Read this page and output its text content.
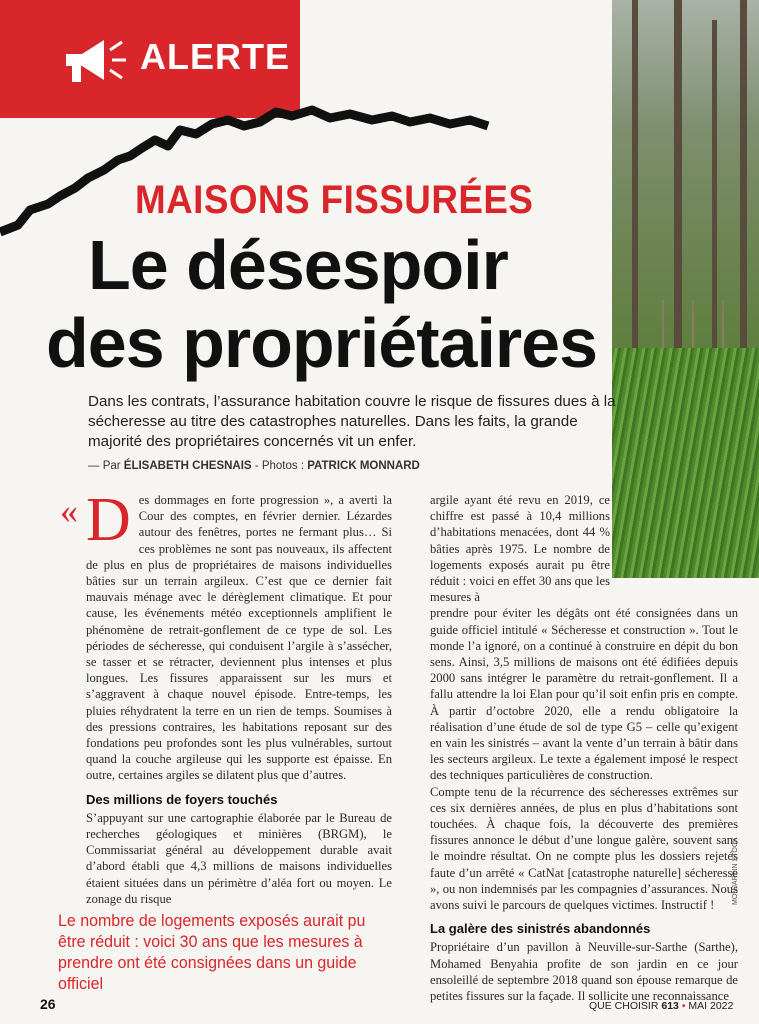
ALERTE
MAISONS FISSURÉES
Le désespoir
des propriétaires
Dans les contrats, l’assurance habitation couvre le risque de fissures dues à la sécheresse au titre des catastrophes naturelles. Dans les faits, la grande majorité des propriétaires concernés vit un enfer.
— Par ÉLISABETH CHESNAIS - Photos : PATRICK MONNARD
« D es dommages en forte progression », a averti la Cour des comptes, en février dernier. Lézardes autour des fenêtres, portes ne fermant plus… Si ces problèmes ne sont pas nouveaux, ils affectent de plus en plus de propriétaires de maisons individuelles bâties sur un terrain argileux. C’est que ce dernier fait mauvais ménage avec le dérèglement climatique. Et pour cause, les événements météo exceptionnels amplifient le phénomène de retrait-gonflement de ce type de sol. Les périodes de sécheresse, qui conduisent l’argile à s’assécher, se tasser et se rétracter, deviennent plus intenses et plus longues. Les fissures apparaissent sur les murs et s’aggravent à chaque nouvel épisode. Entre-temps, les pluies réhydratent la terre en un rien de temps. Soumises à des pressions contraires, les habitations reposant sur des fondations peu profondes sont les plus vulnérables, surtout quand la couche argileuse qui les supporte est épaisse. En outre, certaines argiles se dilatent plus que d’autres.

Des millions de foyers touchés

S’appuyant sur une cartographie élaborée par le Bureau de recherches géologiques et minières (BRGM), le Commissariat général au développement durable avait d’abord établi que 4,3 millions de maisons individuelles étaient situées dans un périmètre d’aléa fort ou moyen. Le zonage du risque

argile ayant été revu en 2019, ce chiffre est passé à 10,4 millions d’habitations menacées, dont 44 % bâties après 1975. Le nombre de logements exposés aurait pu être réduit : voici en effet 30 ans que les mesures à

prendre pour éviter les dégâts ont été consignées dans un guide officiel intitulé « Sécheresse et construction ». Tout le monde l’a ignoré, on a continué à construire en dépit du bon sens. Ainsi, 3,5 millions de maisons ont été édifiées depuis 2000 sans intégrer le paramètre du retrait-gonflement. Il a fallu attendre la loi Elan pour qu’il soit enfin pris en compte. À partir d’octobre 2020, elle a rendu obligatoire la réalisation d’une étude de sol de type G5 – celle qu’exigent en vain les sinistrés – avant la vente d’un terrain à bâtir dans les secteurs argileux. Le texte a également imposé le respect des techniques particulières de construction.

Compte tenu de la récurrence des sécheresses extrêmes sur ces six dernières années, de plus en plus d’habitations sont touchées. À chaque fois, la découverte des premières fissures annonce le début d’une longue galère, souvent sans le moindre résultat. On ne compte plus les dossiers rejetés faute d’un arrêté « CatNat [catastrophe naturelle] sécheresse », ou non indemnisés par les compagnies d’assurances. Nous avons suivi le parcours de quelques victimes. Instructif !

La galère des sinistrés abandonnés

Propriétaire d’un pavillon à Neuville-sur-Sarthe (Sarthe), Mohamed Benyahia profite de son jardin en ce jour ensoleillé de septembre 2018 quand son épouse remarque de petites fissures sur la façade. Il sollicite une reconnaissance

Le nombre de logements exposés aurait pu être réduit : voici 30 ans que les mesures à prendre ont été consignées dans un guide officiel
26	QUE CHOISIR 613 • MAI 2022
MONJARDIN STOCK
